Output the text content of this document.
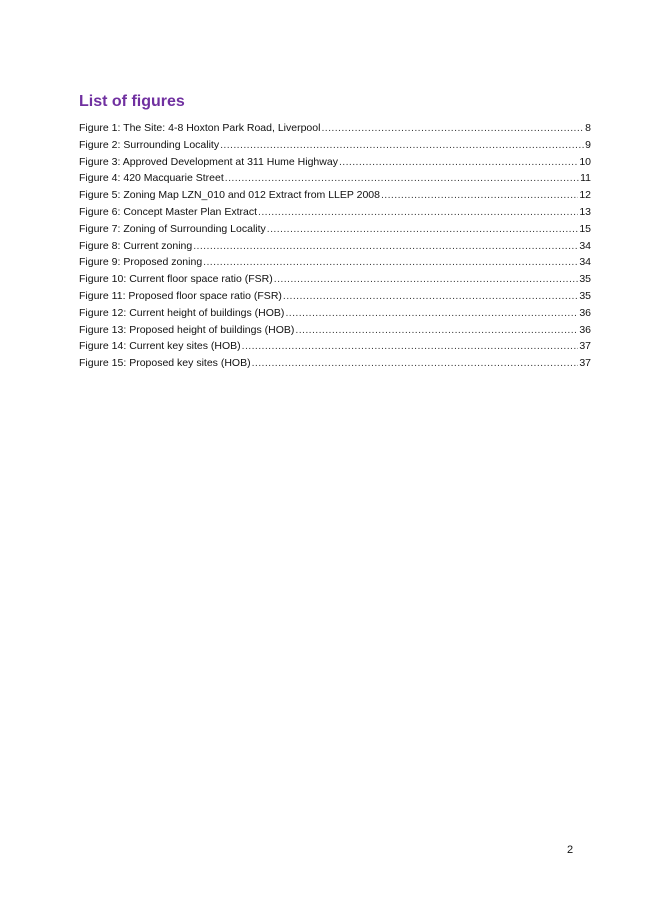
List of figures
Figure 1: The Site: 4-8 Hoxton Park Road, Liverpool .....	8
Figure 2: Surrounding Locality .....	9
Figure 3: Approved Development at 311 Hume Highway .....	10
Figure 4: 420 Macquarie Street .....	11
Figure 5: Zoning Map LZN_010 and 012 Extract from LLEP 2008 .....	12
Figure 6: Concept Master Plan Extract .....	13
Figure 7: Zoning of Surrounding Locality .....	15
Figure 8: Current zoning .....	34
Figure 9: Proposed zoning .....	34
Figure 10: Current floor space ratio (FSR) .....	35
Figure 11: Proposed floor space ratio (FSR) .....	35
Figure 12: Current height of buildings (HOB) .....	36
Figure 13: Proposed height of buildings (HOB) .....	36
Figure 14: Current key sites (HOB) .....	37
Figure 15: Proposed key sites (HOB) .....	37
2
